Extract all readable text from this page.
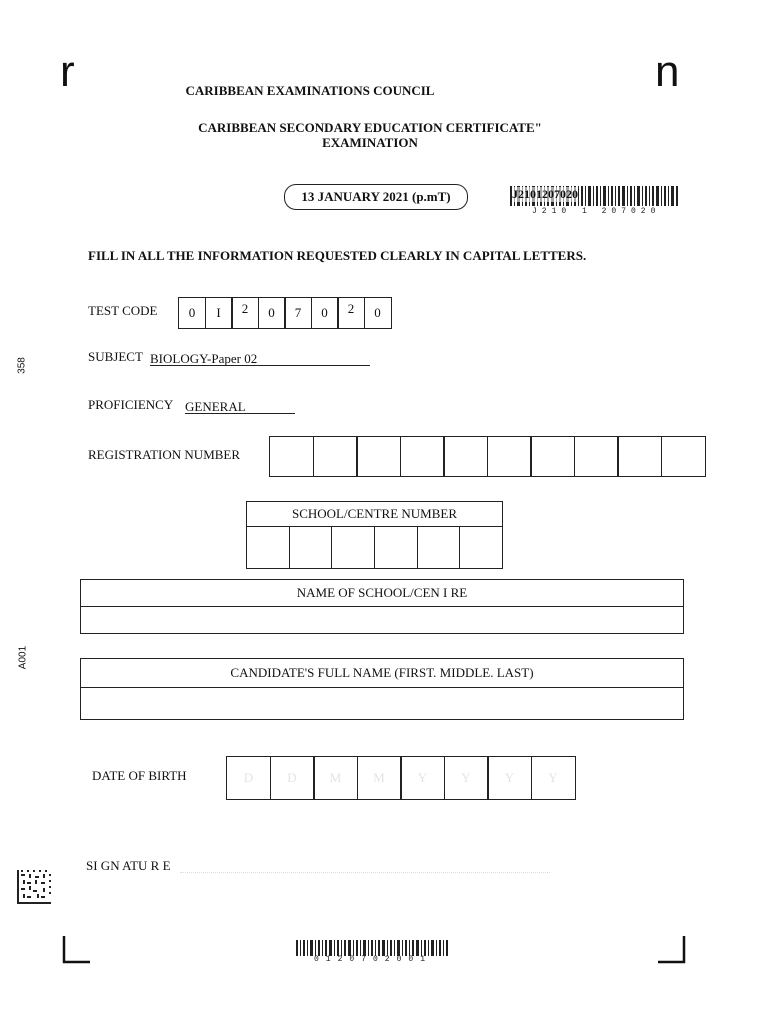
r	n
358
A001
CARIBBEAN EXAMINATIONS COUNCIL
CARIBBEAN SECONDARY EDUCATION CERTIFICATE"
EXAMINATION
13 JANUARY 2021 (p.mT)	J2101207020
J210 1 207020
FILL IN ALL THE INFORMATION REQUESTED CLEARLY IN CAPITAL LETTERS.
TEST CODE	0	I	2	0	7	0	2	0
SUBJECT BIOLOGY-Paper 02
PROFICIENCY GENERAL
REGISTRATION NUMBER
SCHOOL/CENTRE NUMBER
NAME OF SCHOOL/CEN I RE
CANDIDATE'S FULL NAME (FIRST. MIDDLE. LAST)
DATE OF BIRTH	D	D	M	M	Y	Y	Y	Y
SI GN ATU R E
0120702001
